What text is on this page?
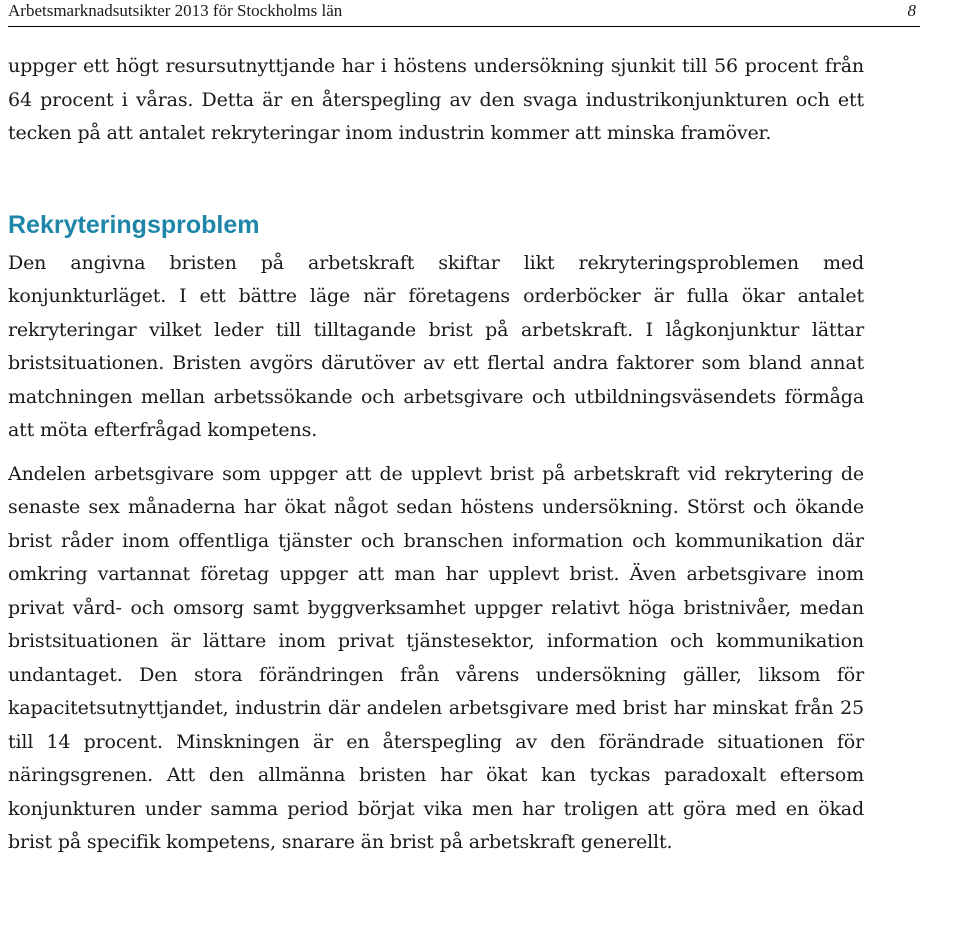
Arbetsmarknadsutsikter 2013 för Stockholms län	8

uppger ett högt resursutnyttjande har i höstens undersökning sjunkit till 56 procent från 64 procent i våras. Detta är en återspegling av den svaga industrikonjunkturen och ett tecken på att antalet rekryteringar inom industrin kommer att minska framöver.

Rekryteringsproblem

Den angivna bristen på arbetskraft skiftar likt rekryteringsproblemen med konjunkturläget. I ett bättre läge när företagens orderböcker är fulla ökar antalet rekryteringar vilket leder till tilltagande brist på arbetskraft. I lågkonjunktur lättar bristsituationen. Bristen avgörs därutöver av ett flertal andra faktorer som bland annat matchningen mellan arbetssökande och arbetsgivare och utbildningsväsendets förmåga att möta efterfrågad kompetens.

Andelen arbetsgivare som uppger att de upplevt brist på arbetskraft vid rekrytering de senaste sex månaderna har ökat något sedan höstens undersökning. Störst och ökande brist råder inom offentliga tjänster och branschen information och kommunikation där omkring vartannat företag uppger att man har upplevt brist. Även arbetsgivare inom privat vård- och omsorg samt byggverksamhet uppger relativt höga bristnivåer, medan bristsituationen är lättare inom privat tjänstesektor, information och kommunikation undantaget. Den stora förändringen från vårens undersökning gäller, liksom för kapacitetsutnyttjandet, industrin där andelen arbetsgivare med brist har minskat från 25 till 14 procent. Minskningen är en återspegling av den förändrade situationen för näringsgrenen. Att den allmänna bristen har ökat kan tyckas paradoxalt eftersom konjunkturen under samma period börjat vika men har troligen att göra med en ökad brist på specifik kompetens, snarare än brist på arbetskraft generellt.
